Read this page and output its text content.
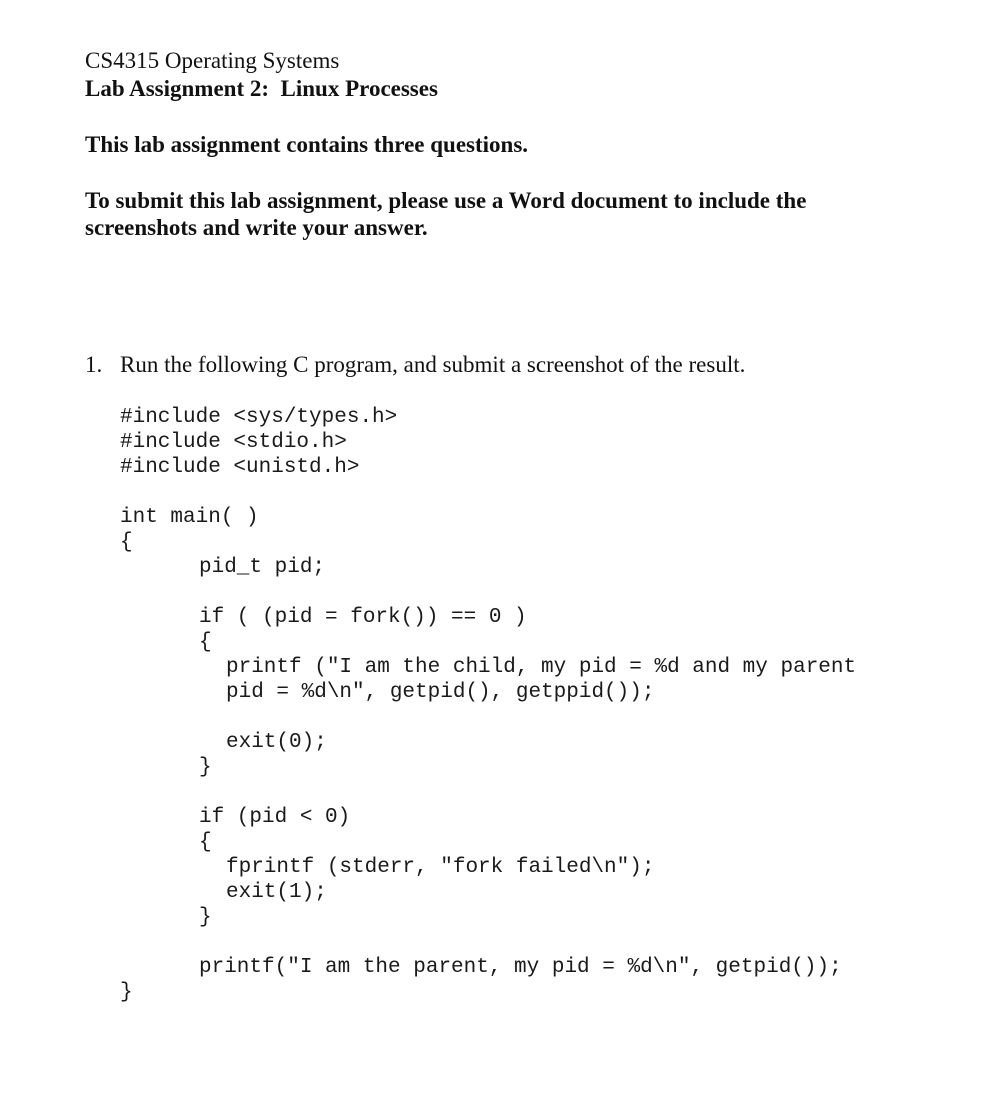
CS4315 Operating Systems
Lab Assignment 2:  Linux Processes
This lab assignment contains three questions.
To submit this lab assignment, please use a Word document to include the
screenshots and write your answer.
1. Run the following C program, and submit a screenshot of the result.
#include <sys/types.h>
#include <stdio.h>
#include <unistd.h>
int main( )
{
pid_t pid;
if ( (pid = fork()) == 0 )
{
printf ("I am the child, my pid = %d and my parent
pid = %d\n", getpid(), getppid());
exit(0);
}
if (pid < 0)
{
fprintf (stderr, "fork failed\n");
exit(1);
}
printf("I am the parent, my pid = %d\n", getpid());
}
